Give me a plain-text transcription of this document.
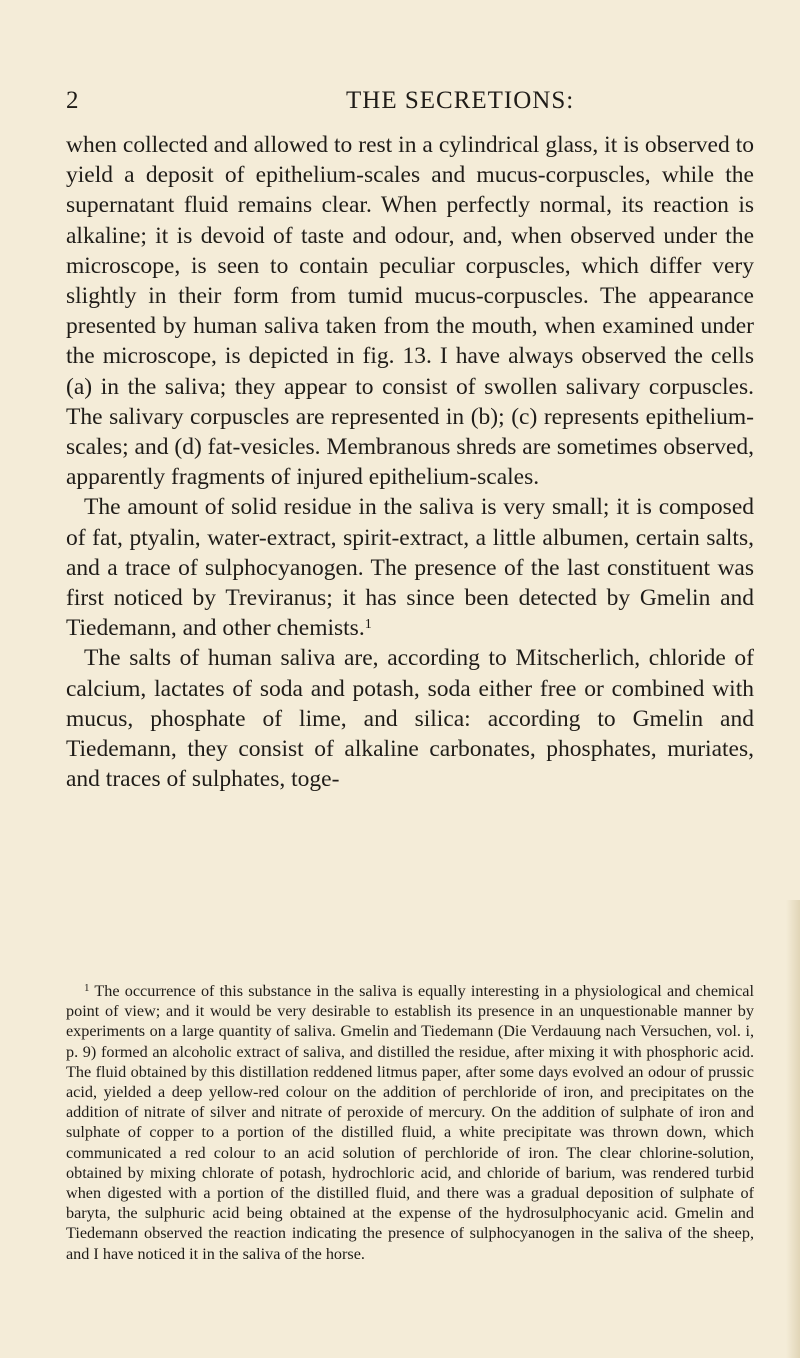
2	THE SECRETIONS:

when collected and allowed to rest in a cylindrical glass, it is observed to yield a deposit of epithelium-scales and mucus-corpuscles, while the supernatant fluid remains clear. When perfectly normal, its reaction is alkaline; it is devoid of taste and odour, and, when observed under the microscope, is seen to contain peculiar corpuscles, which differ very slightly in their form from tumid mucus-corpuscles. The appearance presented by human saliva taken from the mouth, when examined under the microscope, is depicted in fig. 13. I have always observed the cells (a) in the saliva; they appear to consist of swollen salivary corpuscles. The salivary corpuscles are represented in (b); (c) represents epithelium-scales; and (d) fat-vesicles. Membranous shreds are sometimes observed, apparently fragments of injured epithelium-scales.

The amount of solid residue in the saliva is very small; it is composed of fat, ptyalin, water-extract, spirit-extract, a little albumen, certain salts, and a trace of sulphocyanogen. The presence of the last constituent was first noticed by Treviranus; it has since been detected by Gmelin and Tiedemann, and other chemists.$^1$

The salts of human saliva are, according to Mitscherlich, chloride of calcium, lactates of soda and potash, soda either free or combined with mucus, phosphate of lime, and silica: according to Gmelin and Tiedemann, they consist of alkaline carbonates, phosphates, muriates, and traces of sulphates, toge-

$^1$ The occurrence of this substance in the saliva is equally interesting in a physiological and chemical point of view; and it would be very desirable to establish its presence in an unquestionable manner by experiments on a large quantity of saliva. Gmelin and Tiedemann (Die Verdauung nach Versuchen, vol. i, p. 9) formed an alcoholic extract of saliva, and distilled the residue, after mixing it with phosphoric acid. The fluid obtained by this distillation reddened litmus paper, after some days evolved an odour of prussic acid, yielded a deep yellow-red colour on the addition of perchloride of iron, and precipitates on the addition of nitrate of silver and nitrate of peroxide of mercury. On the addition of sulphate of iron and sulphate of copper to a portion of the distilled fluid, a white precipitate was thrown down, which communicated a red colour to an acid solution of perchloride of iron. The clear chlorine-solution, obtained by mixing chlorate of potash, hydrochloric acid, and chloride of barium, was rendered turbid when digested with a portion of the distilled fluid, and there was a gradual deposition of sulphate of baryta, the sulphuric acid being obtained at the expense of the hydrosulphocyanic acid. Gmelin and Tiedemann observed the reaction indicating the presence of sulphocyanogen in the saliva of the sheep, and I have noticed it in the saliva of the horse.
